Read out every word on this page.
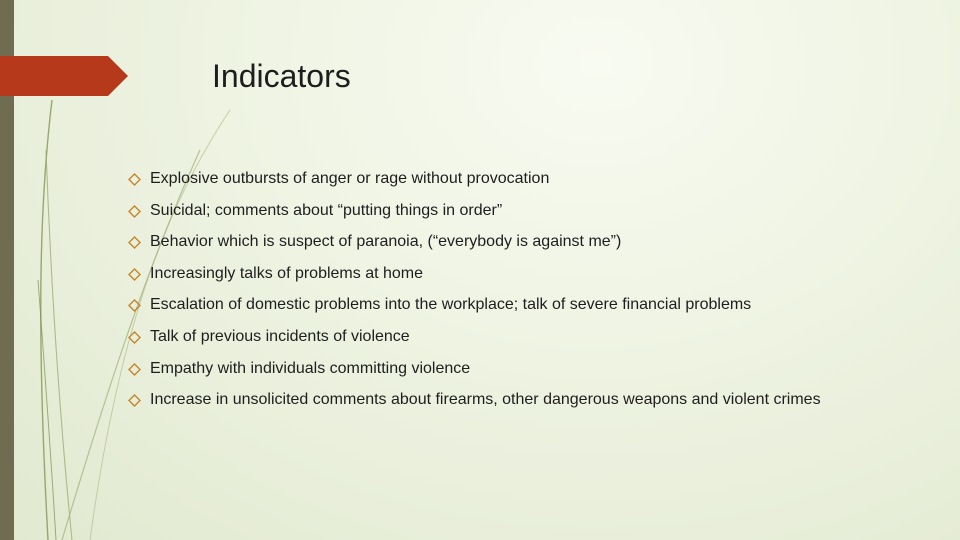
Indicators
Explosive outbursts of anger or rage without provocation
Suicidal; comments about “putting things in order”
Behavior which is suspect of paranoia, (“everybody is against me”)
Increasingly talks of problems at home
Escalation of domestic problems into the workplace; talk of severe financial problems
Talk of previous incidents of violence
Empathy with individuals committing violence
Increase in unsolicited comments about firearms, other dangerous weapons and violent crimes
